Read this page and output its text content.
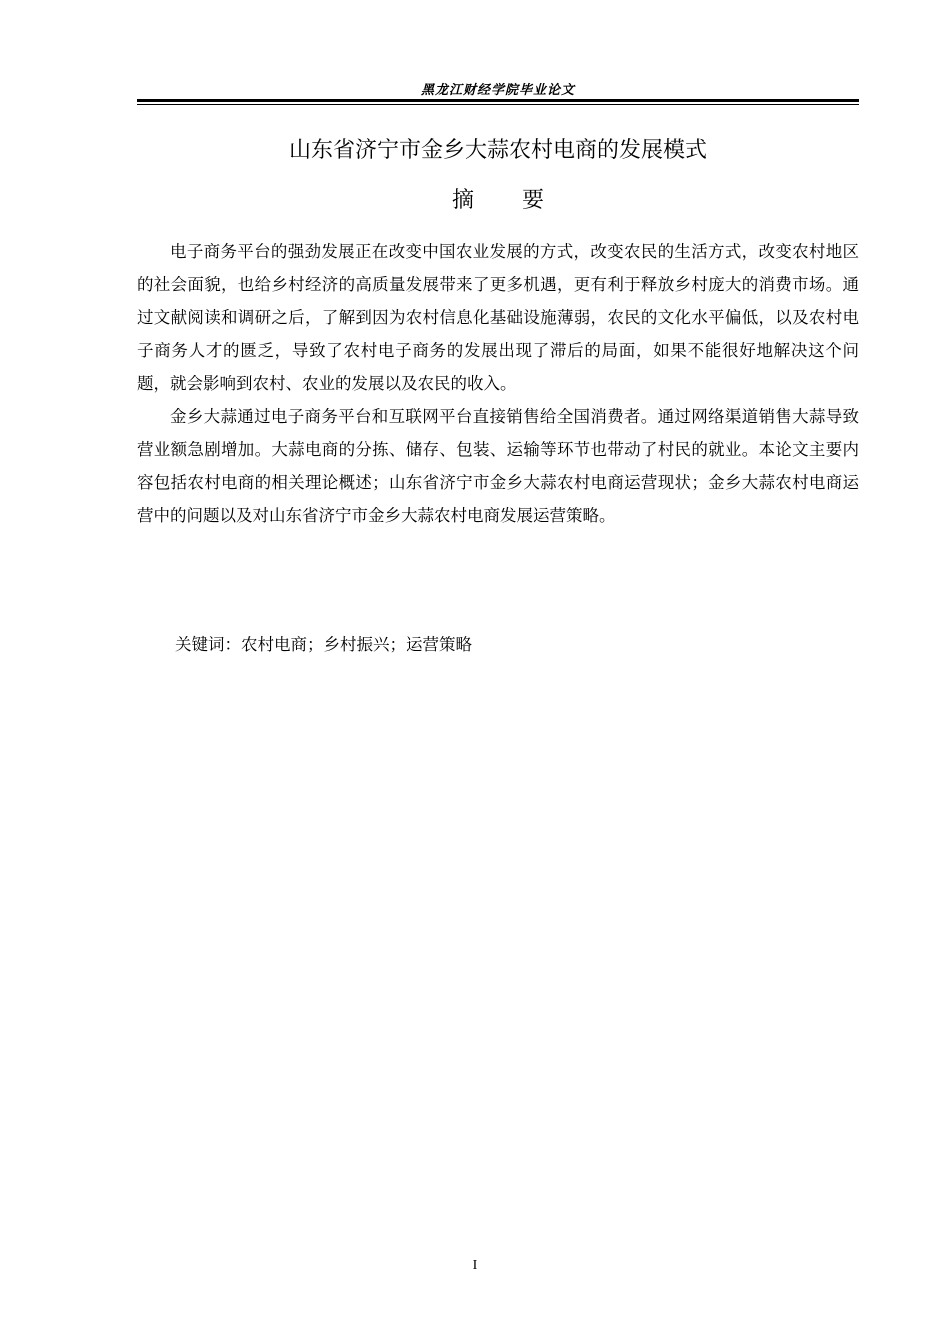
黑龙江财经学院毕业论文
山东省济宁市金乡大蒜农村电商的发展模式
摘要

电子商务平台的强劲发展正在改变中国农业发展的方式，改变农民的生活方式，改变农村地区的社会面貌，也给乡村经济的高质量发展带来了更多机遇，更有利于释放乡村庞大的消费市场。通过文献阅读和调研之后，了解到因为农村信息化基础设施薄弱，农民的文化水平偏低，以及农村电子商务人才的匮乏，导致了农村电子商务的发展出现了滞后的局面，如果不能很好地解决这个问题，就会影响到农村、农业的发展以及农民的收入。

金乡大蒜通过电子商务平台和互联网平台直接销售给全国消费者。通过网络渠道销售大蒜导致营业额急剧增加。大蒜电商的分拣、储存、包装、运输等环节也带动了村民的就业。本论文主要内容包括农村电商的相关理论概述；山东省济宁市金乡大蒜农村电商运营现状；金乡大蒜农村电商运营中的问题以及对山东省济宁市金乡大蒜农村电商发展运营策略。

关键词：农村电商；乡村振兴；运营策略
I
